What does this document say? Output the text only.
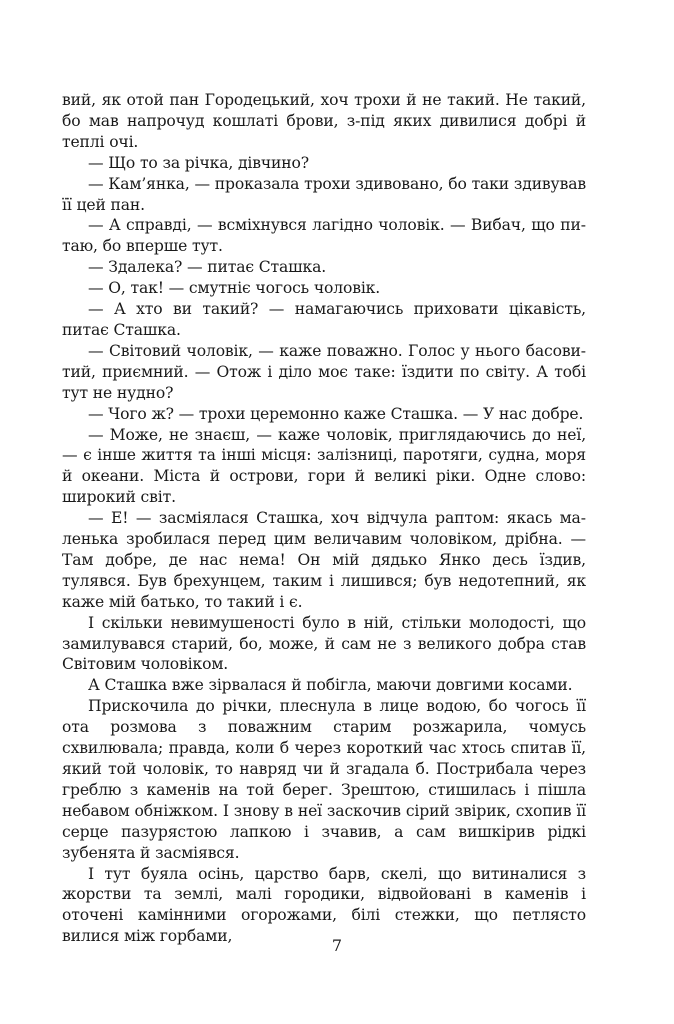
вий, як отой пан Городецький, хоч трохи й не такий. Не такий, бо мав напрочуд кошлаті брови, з-під яких дивилися добрі й теплі очі.

— Що то за річка, дівчино?

— Кам’янка, — проказала трохи здивовано, бо таки здивував її цей пан.

— А справді, — всміхнувся лагідно чоловік. — Вибач, що питаю, бо вперше тут.

— Здалека? — питає Сташка.

— О, так! — смутніє чогось чоловік.

— А хто ви такий? — намагаючись приховати цікавість, питає Сташка.

— Світовий чоловік, — каже поважно. Голос у нього басовитий, приємний. — Отож і діло моє таке: їздити по світу. А тобі тут не нудно?

— Чого ж? — трохи церемонно каже Сташка. — У нас добре.

— Може, не знаєш, — каже чоловік, приглядаючись до неї, — є інше життя та інші місця: залізниці, паротяги, судна, моря й океани. Міста й острови, гори й великі ріки. Одне слово: широкий світ.

— Е! — засміялася Сташка, хоч відчула раптом: якась маленька зробилася перед цим величавим чоловіком, дрібна. — Там добре, де нас нема! Он мій дядько Янко десь їздив, тулявся. Був брехунцем, таким і лишився; був недотепний, як каже мій батько, то такий і є.

І скільки невимушеності було в ній, стільки молодості, що замилувався старий, бо, може, й сам не з великого добра став Світовим чоловіком.

А Сташка вже зірвалася й побігла, маючи довгими косами.

Прискочила до річки, плеснула в лице водою, бо чогось її ота розмова з поважним старим розжарила, чомусь схвилювала; правда, коли б через короткий час хтось спитав її, який той чоловік, то навряд чи й згадала б. Пострибала через греблю з каменів на той берег. Зрештою, стишилась і пішла небавом обніжком. І знову в неї заскочив сірий звірик, схопив її серце пазурястою лапкою і зчавив, а сам вишкірив рідкі зубенята й засміявся.

І тут буяла осінь, царство барв, скелі, що витиналися з жорстви та землі, малі городики, відвойовані в каменів і оточені камінними огорожами, білі стежки, що петлясто вилися між горбами,	7
